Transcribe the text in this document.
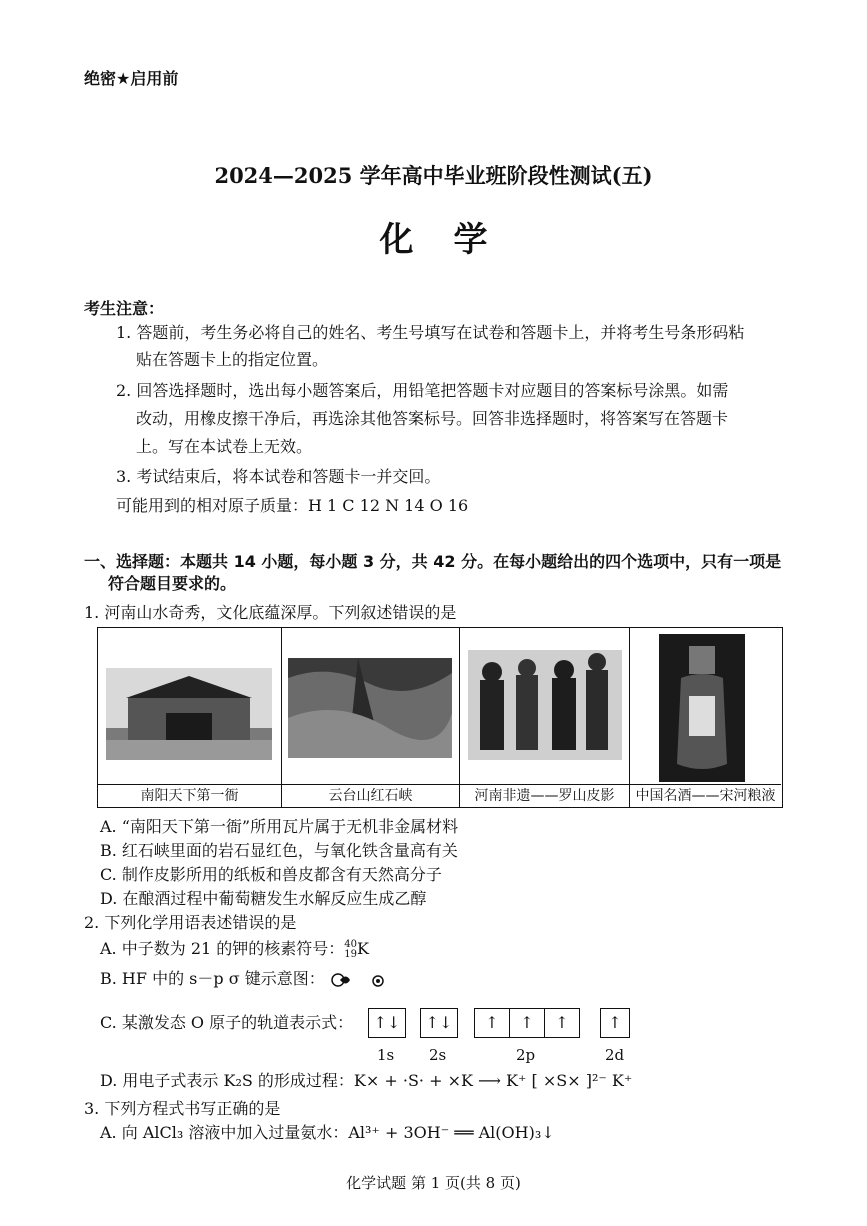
绝密★启用前
2024—2025 学年高中毕业班阶段性测试(五)
化学
考生注意：
1. 答题前，考生务必将自己的姓名、考生号填写在试卷和答题卡上，并将考生号条形码粘
贴在答题卡上的指定位置。
2. 回答选择题时，选出每小题答案后，用铅笔把答题卡对应题目的答案标号涂黑。如需
改动，用橡皮擦干净后，再选涂其他答案标号。回答非选择题时，将答案写在答题卡
上。写在本试卷上无效。
3. 考试结束后，将本试卷和答题卡一并交回。
可能用到的相对原子质量：H 1 C 12 N 14 O 16
一、选择题：本题共 14 小题，每小题 3 分，共 42 分。在每小题给出的四个选项中，只有一项是
符合题目要求的。
1. 河南山水奇秀，文化底蕴深厚。下列叙述错误的是
南阳天下第一衙	云台山红石峡	河南非遗——罗山皮影	中国名酒——宋河粮液
A. “南阳天下第一衙”所用瓦片属于无机非金属材料
B. 红石峡里面的岩石显红色，与氧化铁含量高有关
C. 制作皮影所用的纸板和兽皮都含有天然高分子
D. 在酿酒过程中葡萄糖发生水解反应生成乙醇
2. 下列化学用语表述错误的是
A. 中子数为 21 的钾的核素符号： 40
19 K
B. HF 中的 s－p σ 键示意图：
C. 某激发态 O 原子的轨道表示式：	↑↓	↑↓	↑	↑	↑	↑
1s 2s	2p	2d
D. 用电子式表示 K₂S 的形成过程：K× + ·S· + ×K ⟶ K⁺ [ ×S× ]²⁻ K⁺
3. 下列方程式书写正确的是
A. 向 AlCl₃ 溶液中加入过量氨水：Al³⁺ + 3OH⁻ ══ Al(OH)₃↓
化学试题 第 1 页(共 8 页)
